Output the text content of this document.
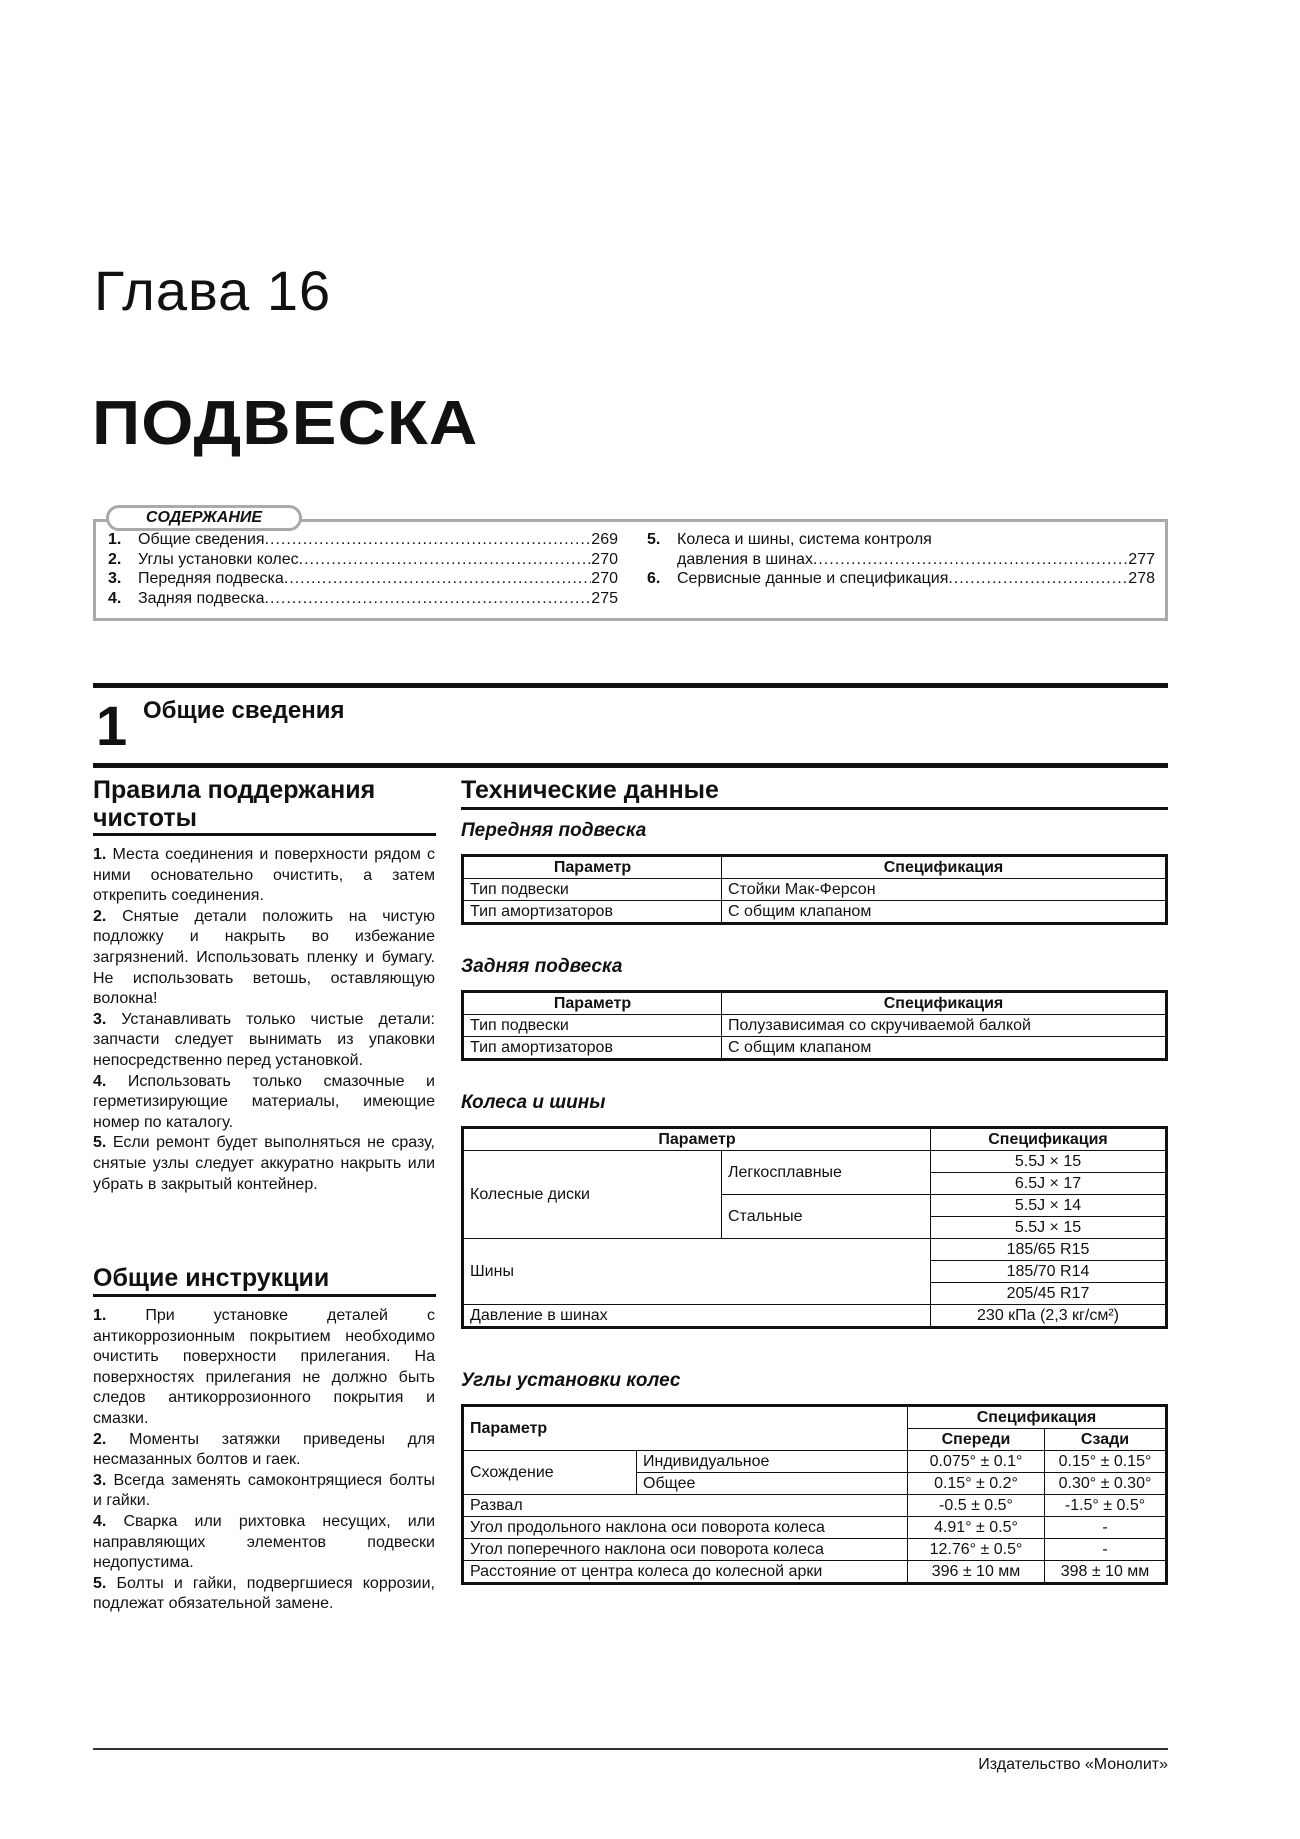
Глава 16
ПОДВЕСКА
СОДЕРЖАНИЕ
1.	Общие сведения .....	269
2.	Углы установки колес .....	270
3.	Передняя подвеска .....	270
4.	Задняя подвеска .....	275
5.	Колеса и шины, система контроля
давления в шинах .....	277
6.	Сервисные данные и спецификация .....	278
1 Общие сведения
Правила поддержания
чистоты

1. Места соединения и поверхности рядом с ними основательно очистить, а затем открепить соединения.

2. Снятые детали положить на чистую подложку и накрыть во избежание загрязнений. Использовать пленку и бумагу. Не использовать ветошь, оставляющую волокна!

3. Устанавливать только чистые детали: запчасти следует вынимать из упаковки непосредственно перед установкой.

4. Использовать только смазочные и герметизирующие материалы, имеющие номер по каталогу.

5. Если ремонт будет выполняться не сразу, снятые узлы следует аккуратно накрыть или убрать в закрытый контейнер.

Общие инструкции

1. При установке деталей с антикоррозионным покрытием необходимо очистить поверхности прилегания. На поверхностях прилегания не должно быть следов антикоррозионного покрытия и смазки.

2. Моменты затяжки приведены для несмазанных болтов и гаек.

3. Всегда заменять самоконтрящиеся болты и гайки.

4. Сварка или рихтовка несущих, или направляющих элементов подвески недопустима.

5. Болты и гайки, подвергшиеся коррозии, подлежат обязательной замене.

Технические данные
Передняя подвеска
Параметр	Спецификация
Тип подвески	Стойки Мак-Ферсон
Тип амортизаторов	С общим клапаном
Задняя подвеска
Параметр	Спецификация
Тип подвески	Полузависимая со скручиваемой балкой
Тип амортизаторов	С общим клапаном
Колеса и шины
Параметр		Спецификация
Колесные диски	Легкосплавные	5.5J × 15
		6.5J × 17
	Стальные	5.5J × 14
		5.5J × 15
Шины		185/65 R15
		185/70 R14
		205/45 R17
Давление в шинах		230 кПа (2,3 кг/см²)
Углы установки колес
Параметр		Спецификация	
		Спереди	Сзади
Схождение	Индивидуальное	0.075° ± 0.1°	0.15° ± 0.15°
	Общее	0.15° ± 0.2°	0.30° ± 0.30°
Развал		-0.5 ± 0.5°	-1.5° ± 0.5°
Угол продольного наклона оси поворота колеса		4.91° ± 0.5°	-
Угол поперечного наклона оси поворота колеса		12.76° ± 0.5°	-
Расстояние от центра колеса до колесной арки		396 ± 10 мм	398 ± 10 мм
Издательство «Монолит»
